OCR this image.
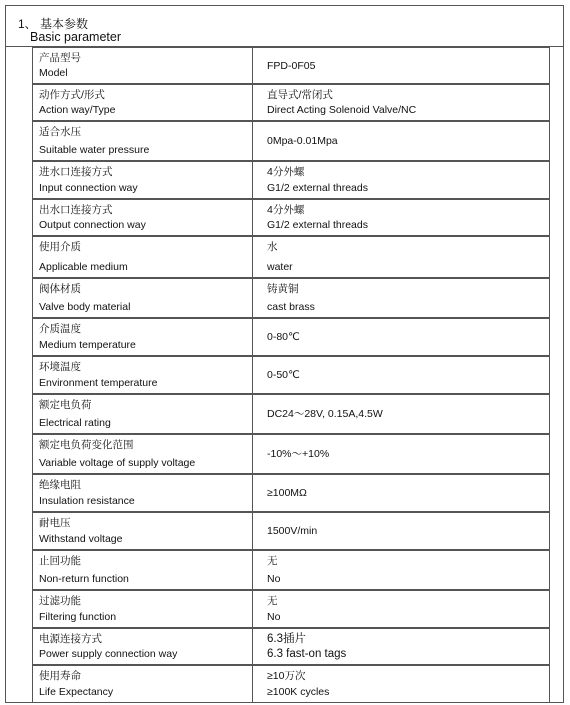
1、 基本参数
Basic parameter
产品型号
Model
FPD-0F05
动作方式/形式
Action way/Type
直导式/常闭式
Direct Acting Solenoid Valve/NC
适合水压
Suitable water pressure
0Mpa-0.01Mpa
进水口连接方式
Input connection way
4分外螺
G1/2 external threads
出水口连接方式
Output connection way
4分外螺
G1/2 external threads
使用介质
Applicable medium
水
water
阀体材质
Valve body material
铸黄铜
cast brass
介质温度
Medium temperature
0-80℃
环境温度
Environment temperature
0-50℃
额定电负荷
Electrical rating
DC24～28V, 0.15A,4.5W
额定电负荷变化范围
Variable voltage of supply voltage
-10%～+10%
绝缘电阻
Insulation resistance
≥100MΩ
耐电压
Withstand voltage
1500V/min
止回功能
Non-return function
无
No
过滤功能
Filtering function
无
No
电源连接方式
Power supply connection way
6.3插片
6.3 fast-on tags
使用寿命
Life Expectancy
≥10万次
≥100K cycles
